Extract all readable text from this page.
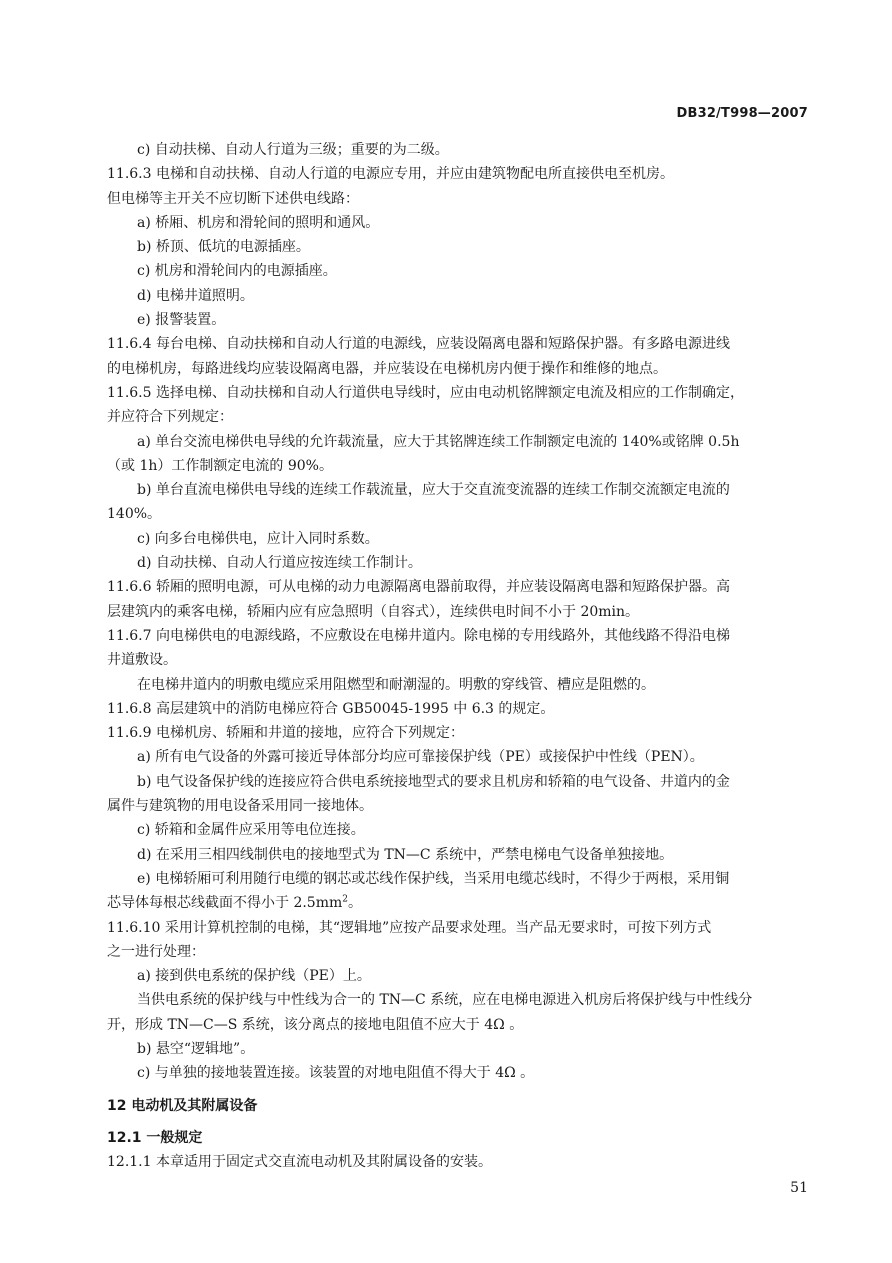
DB32/T998—2007
c) 自动扶梯、自动人行道为三级；重要的为二级。
11.6.3 电梯和自动扶梯、自动人行道的电源应专用，并应由建筑物配电所直接供电至机房。
但电梯等主开关不应切断下述供电线路：
a) 桥厢、机房和滑轮间的照明和通风。
b) 桥顶、低坑的电源插座。
c) 机房和滑轮间内的电源插座。
d) 电梯井道照明。
e) 报警装置。
11.6.4 每台电梯、自动扶梯和自动人行道的电源线，应装设隔离电器和短路保护器。有多路电源进线
的电梯机房，每路进线均应装设隔离电器，并应装设在电梯机房内便于操作和维修的地点。
11.6.5 选择电梯、自动扶梯和自动人行道供电导线时，应由电动机铭牌额定电流及相应的工作制确定，
并应符合下列规定：
a) 单台交流电梯供电导线的允许载流量，应大于其铭牌连续工作制额定电流的 140%或铭牌 0.5h
（或 1h）工作制额定电流的 90%。
b) 单台直流电梯供电导线的连续工作载流量，应大于交直流变流器的连续工作制交流额定电流的
140%。
c) 向多台电梯供电，应计入同时系数。
d) 自动扶梯、自动人行道应按连续工作制计。
11.6.6 轿厢的照明电源，可从电梯的动力电源隔离电器前取得，并应装设隔离电器和短路保护器。高
层建筑内的乘客电梯，轿厢内应有应急照明（自容式），连续供电时间不小于 20min。
11.6.7 向电梯供电的电源线路，不应敷设在电梯井道内。除电梯的专用线路外，其他线路不得沿电梯
井道敷设。
在电梯井道内的明敷电缆应采用阻燃型和耐潮湿的。明敷的穿线管、槽应是阻燃的。
11.6.8 高层建筑中的消防电梯应符合 GB50045-1995 中 6.3 的规定。
11.6.9 电梯机房、轿厢和井道的接地，应符合下列规定：
a) 所有电气设备的外露可接近导体部分均应可靠接保护线（PE）或接保护中性线（PEN）。
b) 电气设备保护线的连接应符合供电系统接地型式的要求且机房和轿箱的电气设备、井道内的金
属件与建筑物的用电设备采用同一接地体。
c) 轿箱和金属件应采用等电位连接。
d) 在采用三相四线制供电的接地型式为 TN—C 系统中，严禁电梯电气设备单独接地。
e) 电梯轿厢可利用随行电缆的钢芯或芯线作保护线，当采用电缆芯线时，不得少于两根，采用铜
芯导体每根芯线截面不得小于 $2.5mm^2$。
11.6.10 采用计算机控制的电梯，其“逻辑地”应按产品要求处理。当产品无要求时，可按下列方式
之一进行处理：
a) 接到供电系统的保护线（PE）上。
当供电系统的保护线与中性线为合一的 TN—C 系统，应在电梯电源进入机房后将保护线与中性线分
开，形成 TN—C—S 系统，该分离点的接地电阻值不应大于 4Ω 。
b) 悬空“逻辑地”。
c) 与单独的接地装置连接。该装置的对地电阻值不得大于 4Ω 。
12 电动机及其附属设备
12.1 一般规定
12.1.1 本章适用于固定式交直流电动机及其附属设备的安装。
51
